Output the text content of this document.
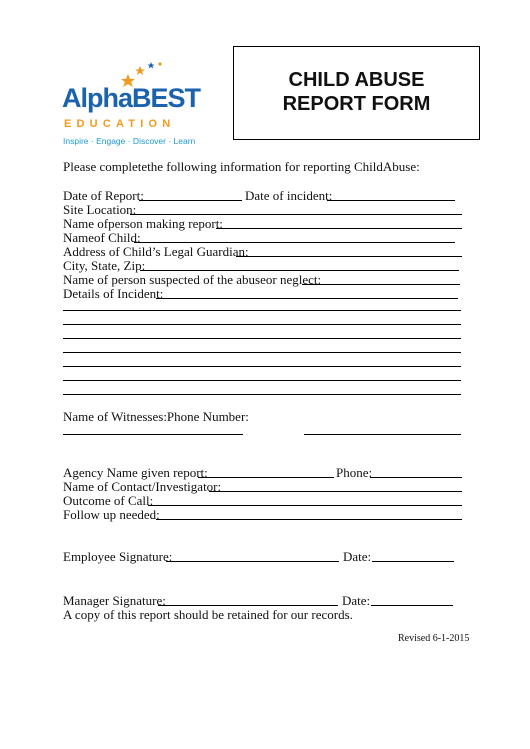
AlphaBEST
EDUCATION
Inspire · Engage · Discover · Learn
CHILD ABUSE
REPORT FORM
Please completethe following information for reporting ChildAbuse:
Date of Report:	Date of incident:
Site Location:
Name ofperson making report:
Nameof Child:
Address of Child’s Legal Guardian:
City, State, Zip:
Name of person suspected of the abuseor neglect:
Details of Incident:
Name of Witnesses:Phone Number:
Agency Name given report:	Phone:
Name of Contact/Investigator:
Outcome of Call:
Follow up needed:
Employee Signature:	Date:
Manager Signature:	Date:
A copy of this report should be retained for our records.
Revised 6-1-2015
